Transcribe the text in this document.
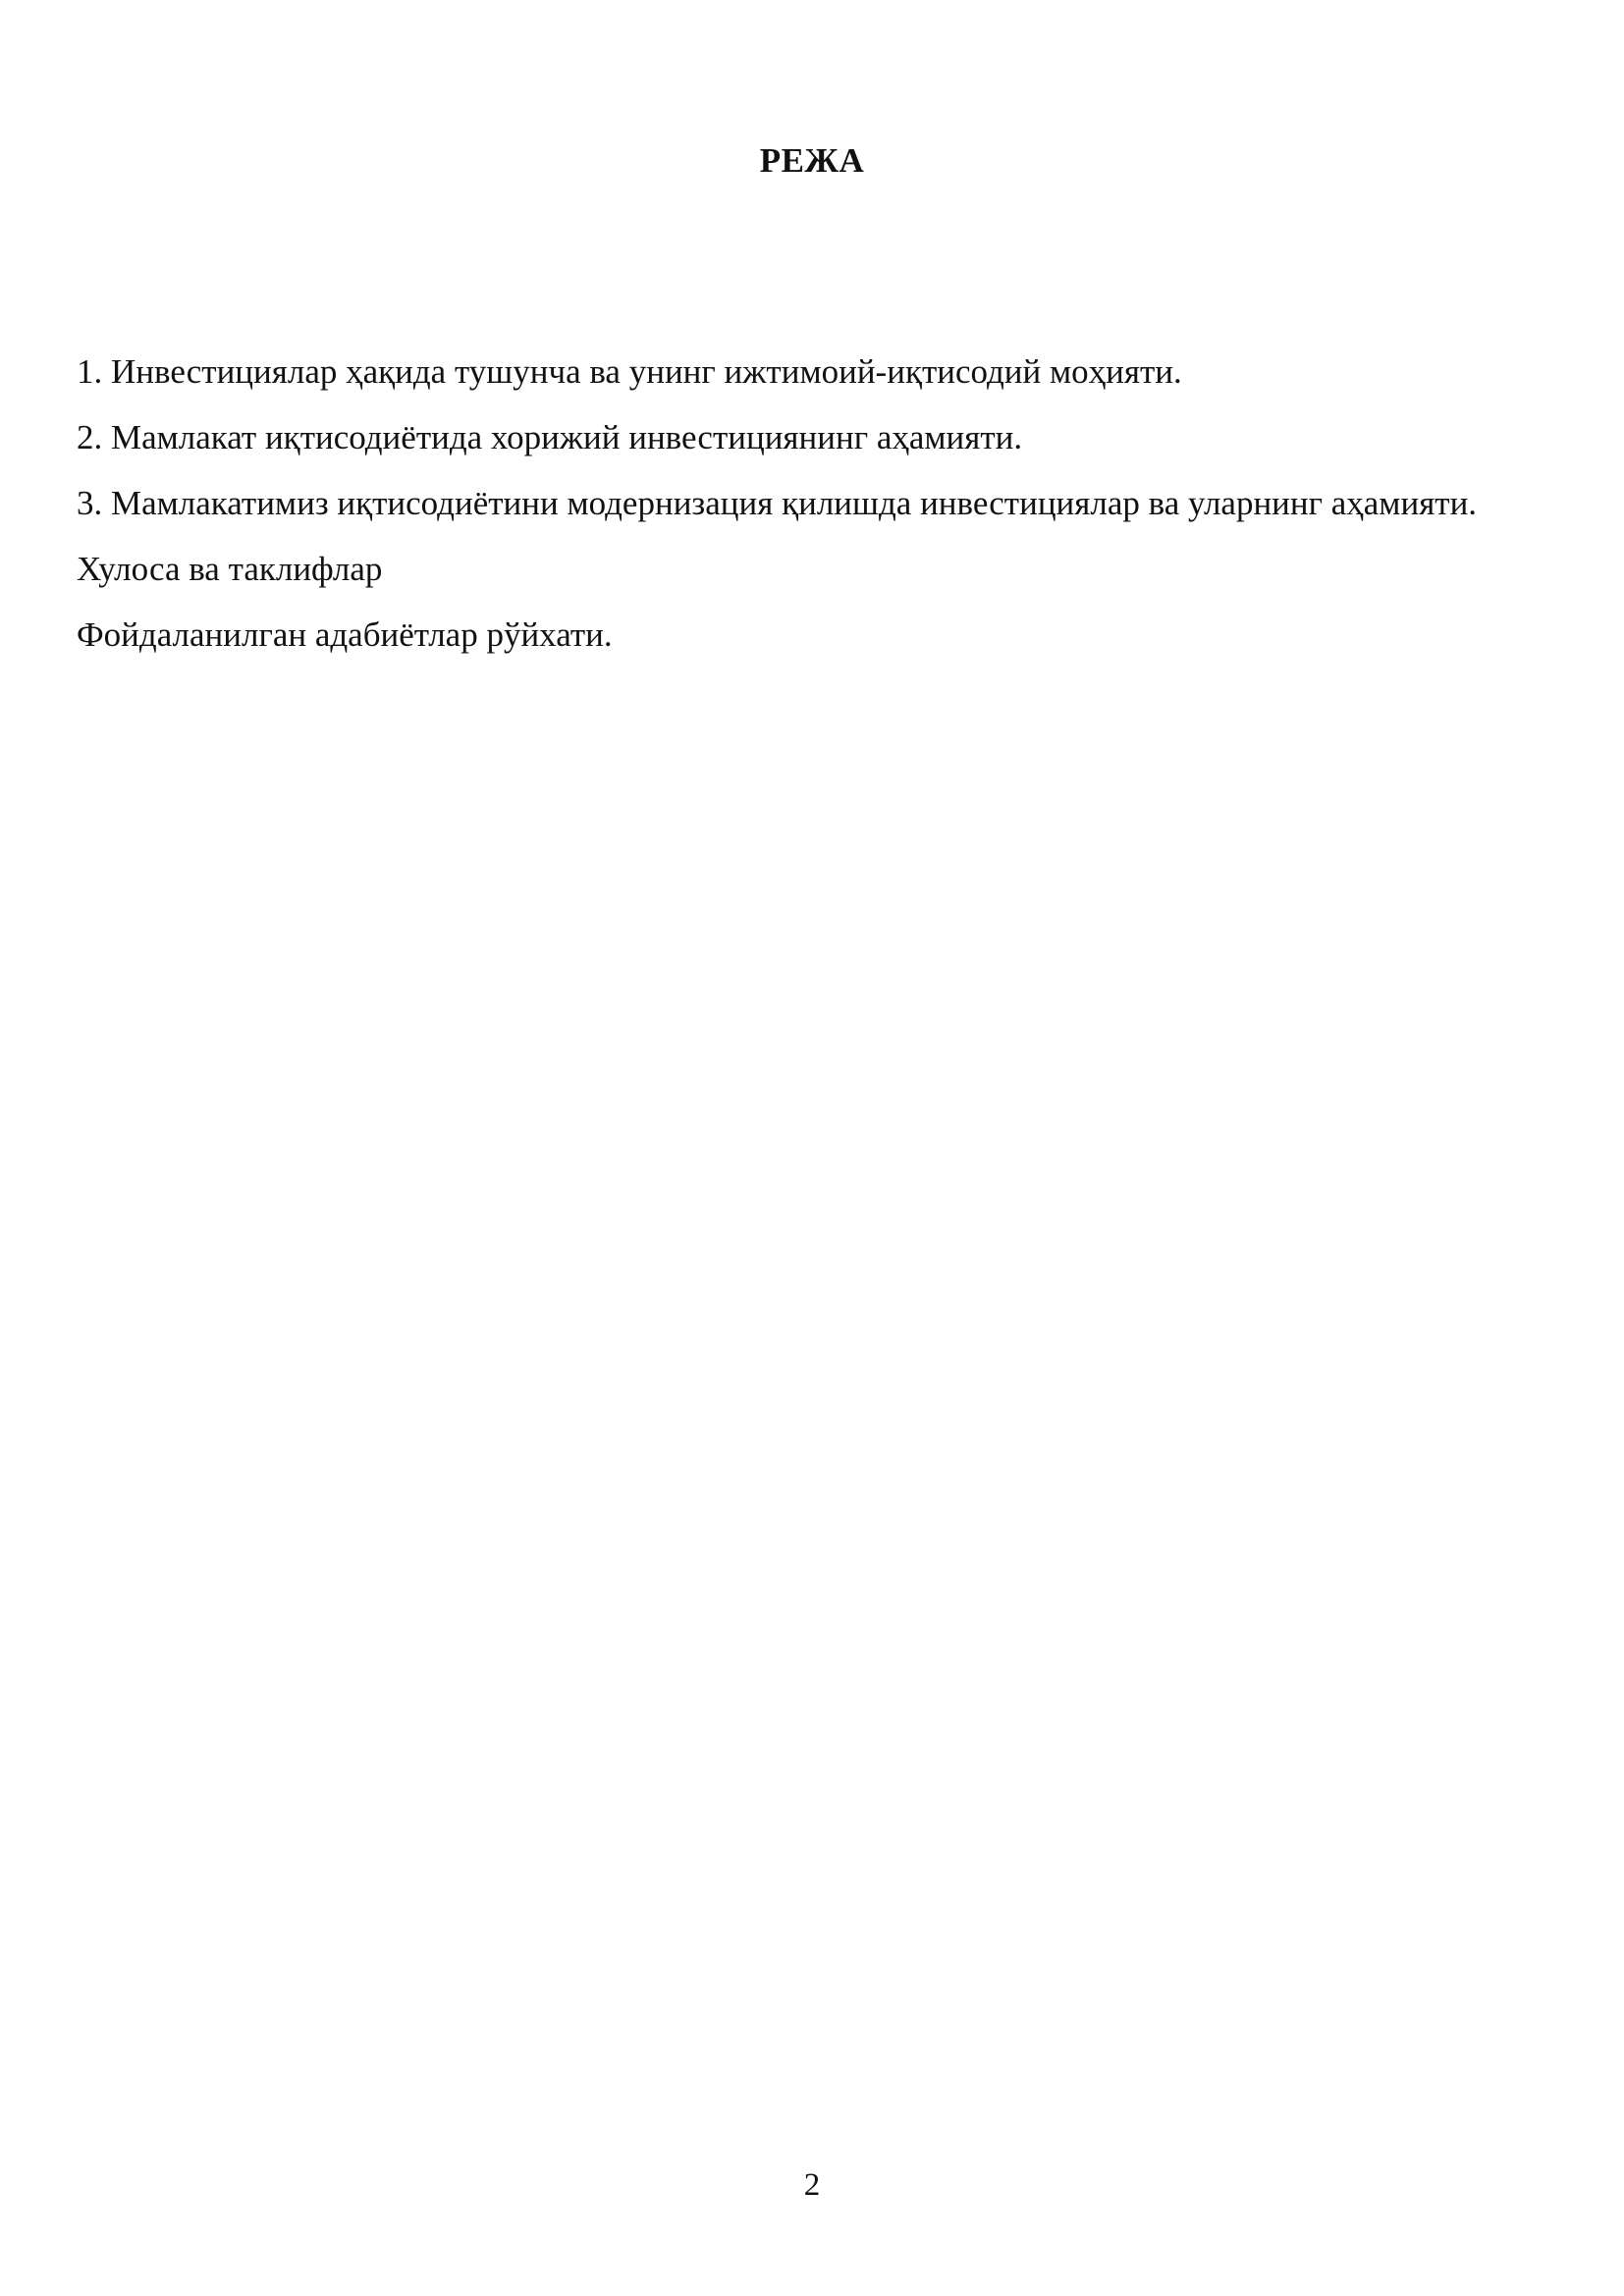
РЕЖА

1. Инвестициялар ҳақида тушунча ва унинг ижтимоий-иқтисодий моҳияти.

2. Мамлакат иқтисодиётида хорижий инвестициянинг аҳамияти.

3. Мамлакатимиз иқтисодиётини модернизация қилишда инвестициялар ва уларнинг аҳамияти.

Хулоса ва таклифлар

Фойдаланилган адабиётлар рўйхати.

2
